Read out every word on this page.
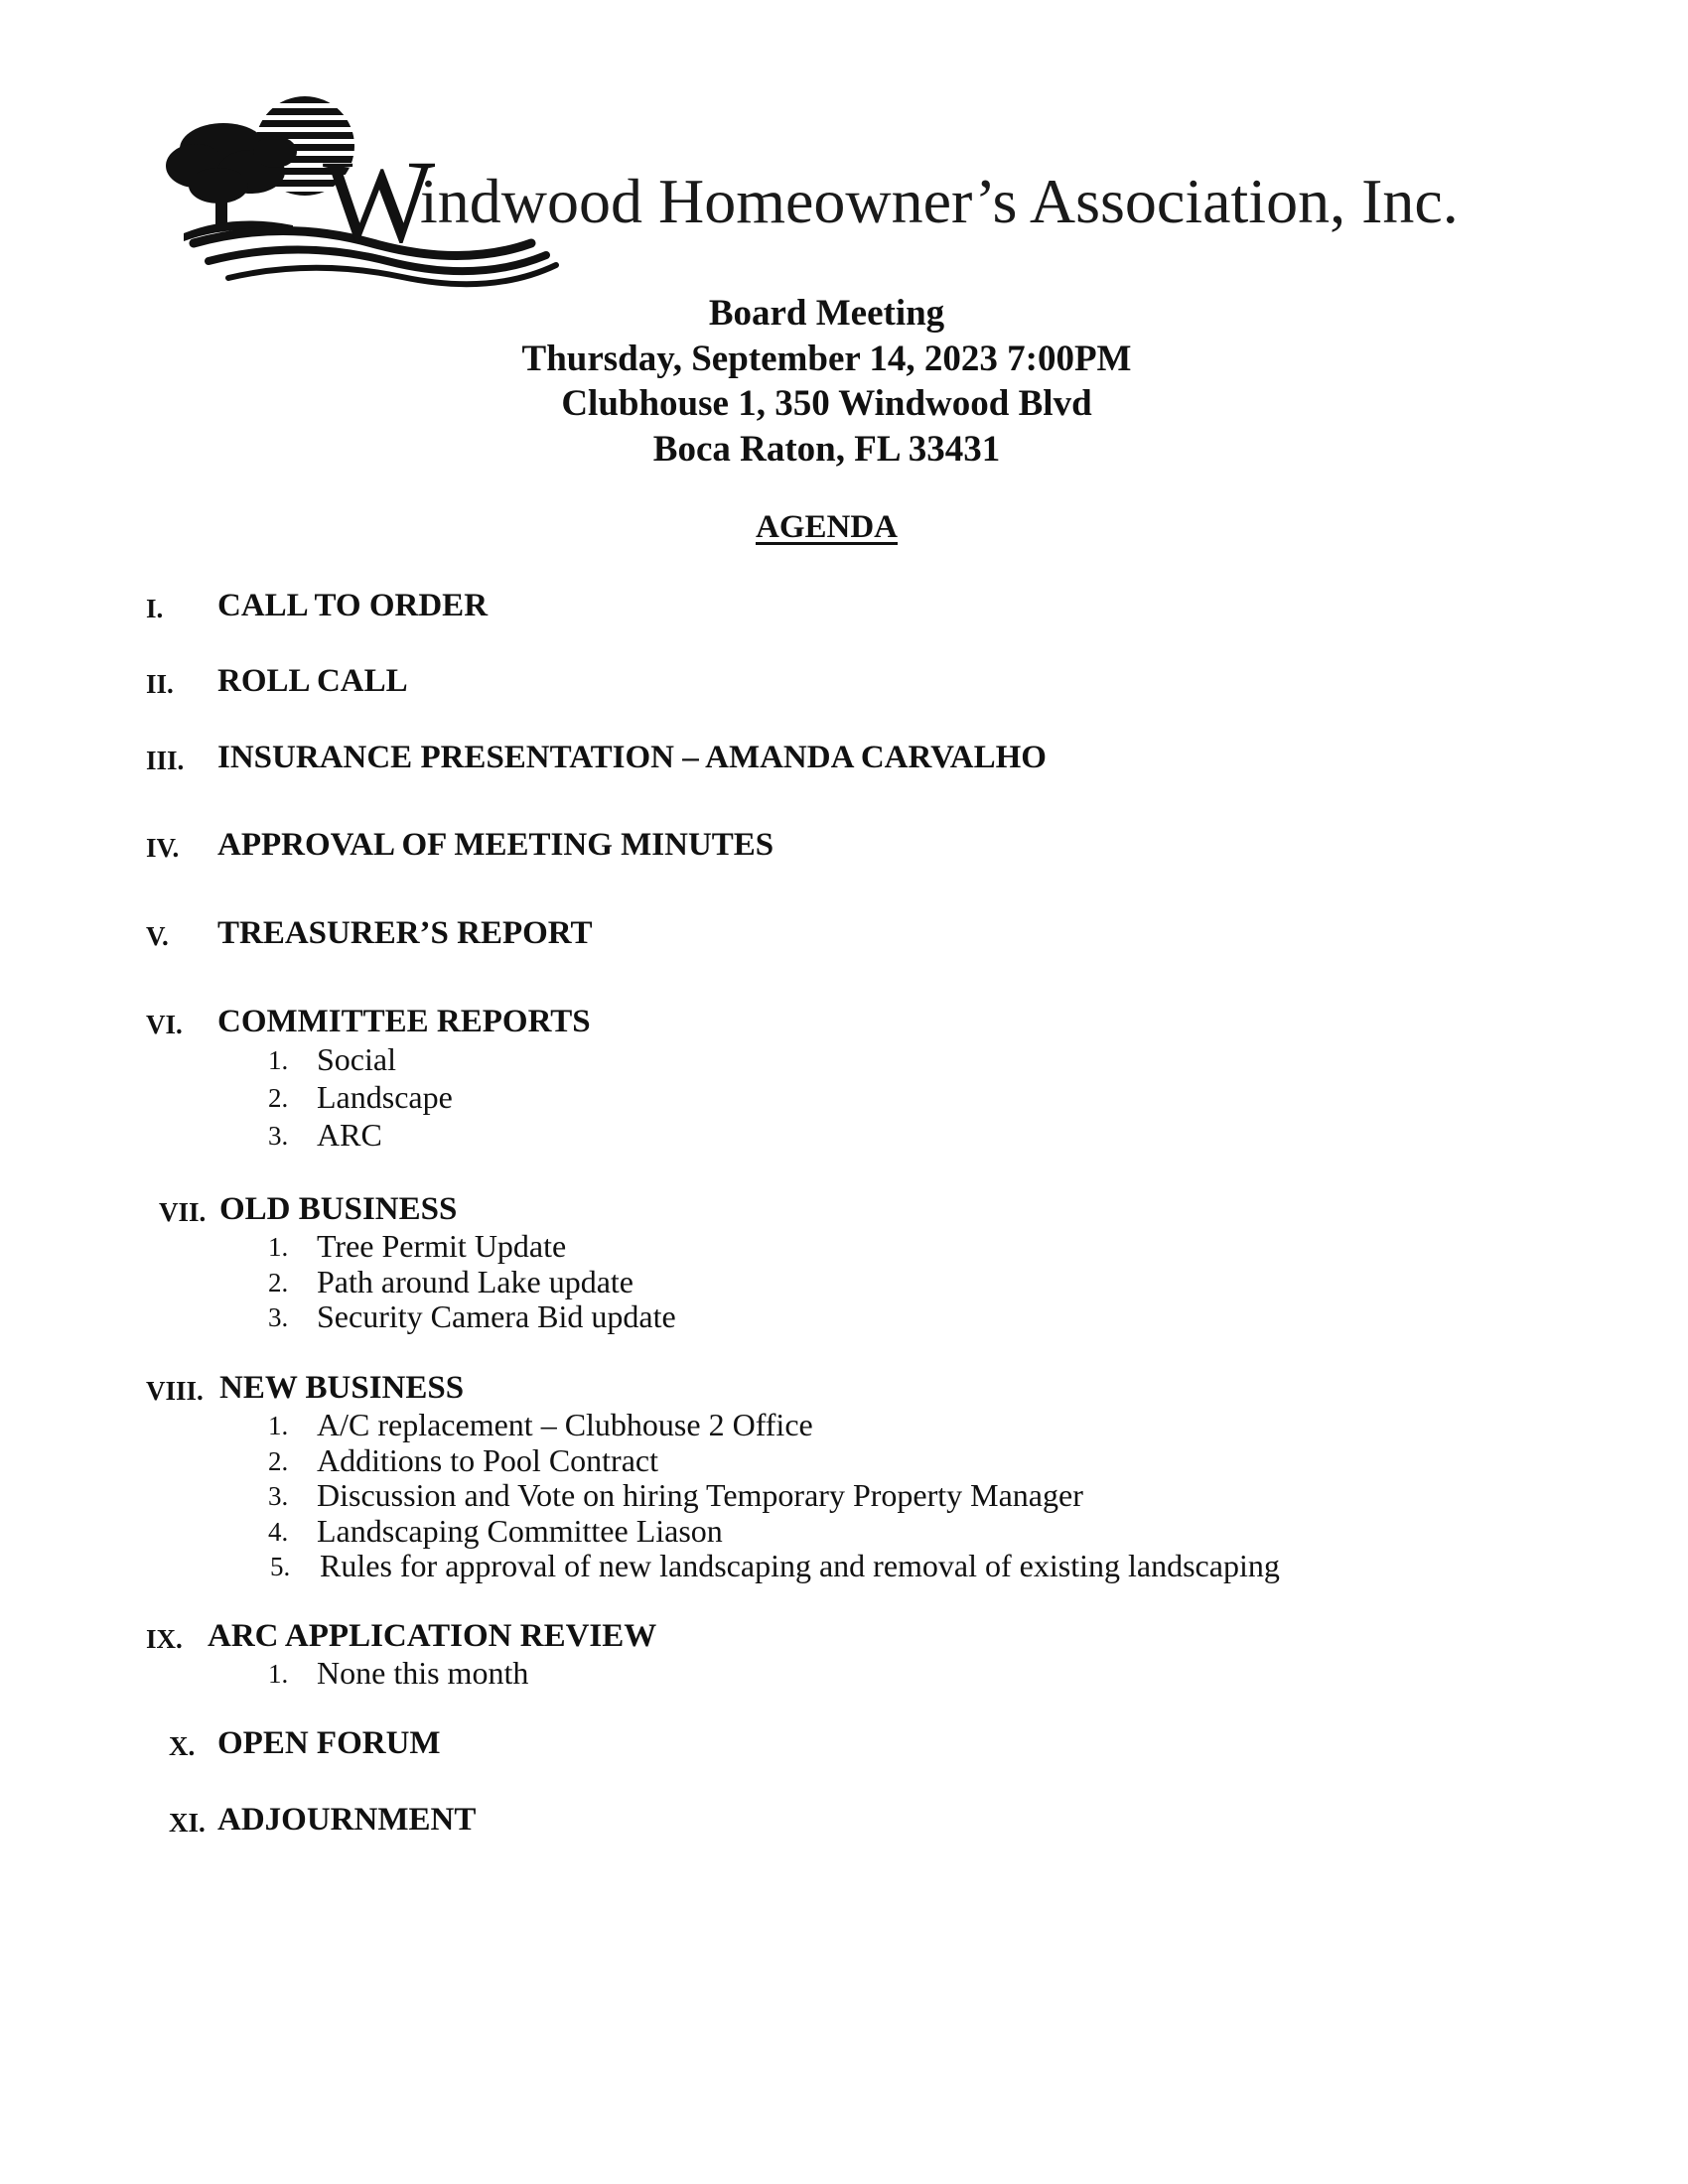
W
indwood Homeowner’s Association, Inc.
Board Meeting
Thursday, September 14, 2023 7:00PM
Clubhouse 1, 350 Windwood Blvd
Boca Raton, FL 33431
AGENDA
I. CALL TO ORDER
II. ROLL CALL
III. INSURANCE PRESENTATION – AMANDA CARVALHO
IV. APPROVAL OF MEETING MINUTES
V. TREASURER’S REPORT
VI. COMMITTEE REPORTS
1. Social
2. Landscape
3. ARC
VII. OLD BUSINESS
1. Tree Permit Update
2. Path around Lake update
3. Security Camera Bid update
VIII. NEW BUSINESS
1. A/C replacement – Clubhouse 2 Office
2. Additions to Pool Contract
3. Discussion and Vote on hiring Temporary Property Manager
4. Landscaping Committee Liason
5. Rules for approval of new landscaping and removal of existing landscaping
IX. ARC APPLICATION REVIEW
1. None this month
X. OPEN FORUM
XI. ADJOURNMENT
